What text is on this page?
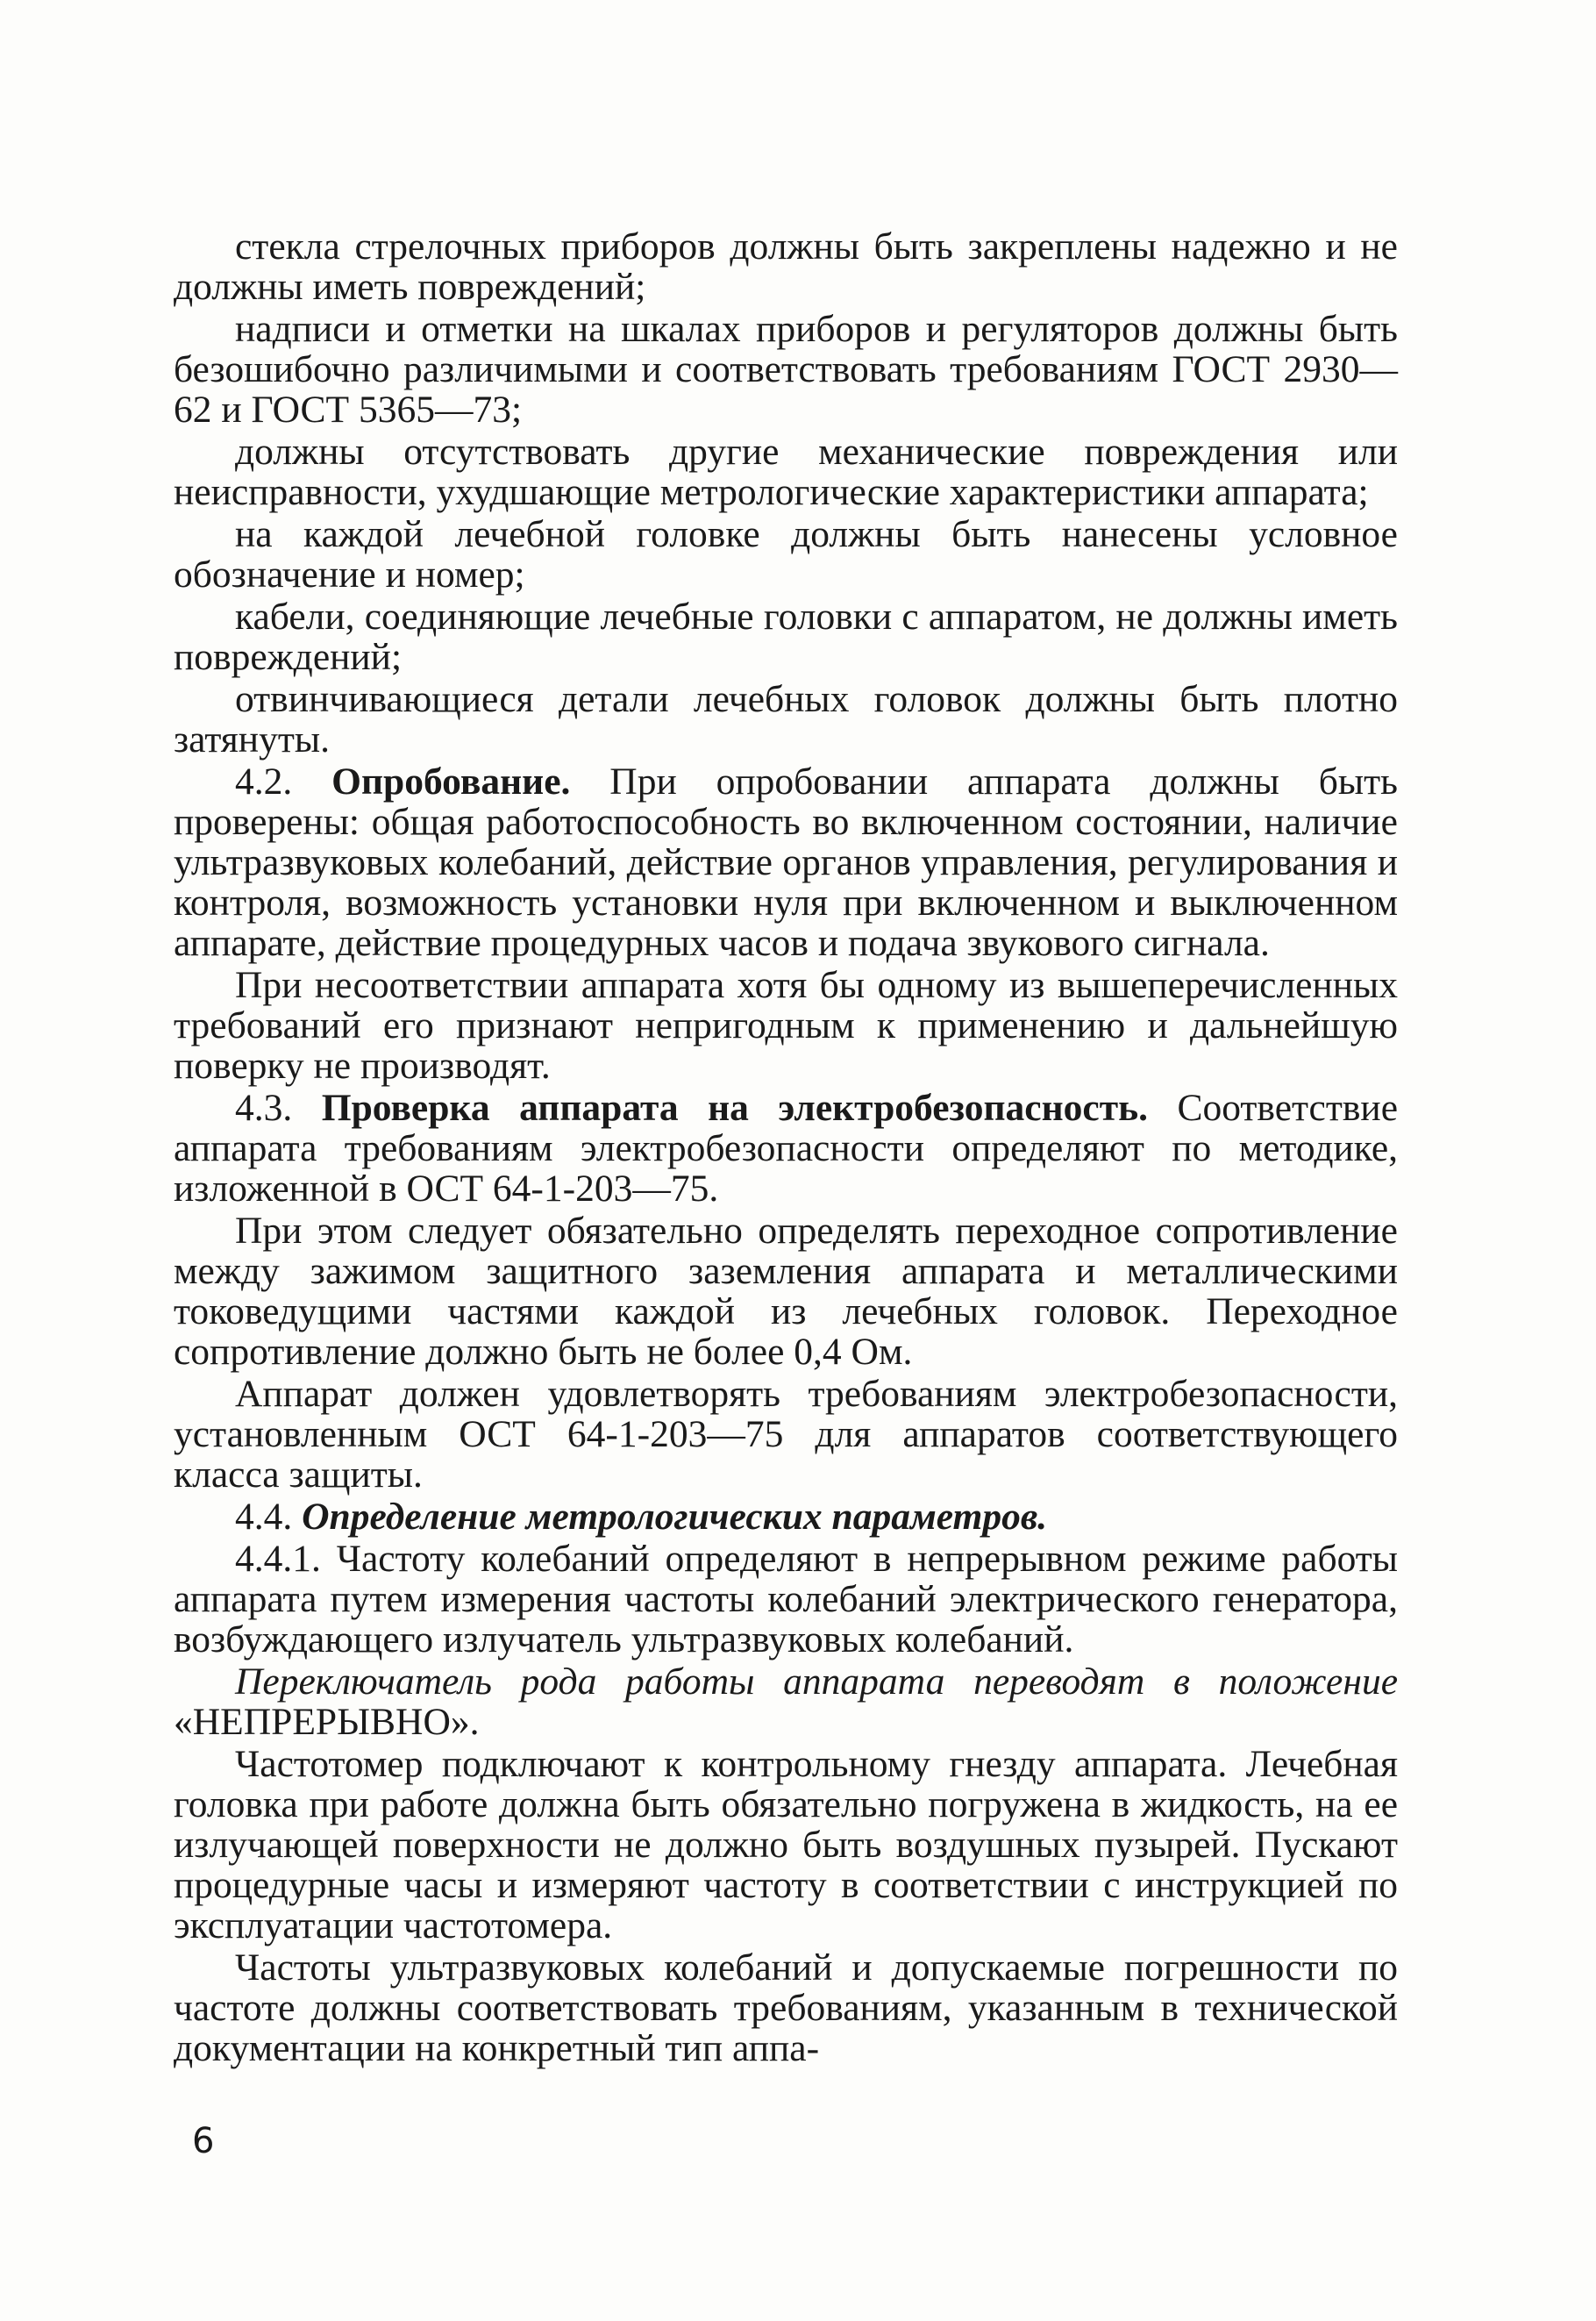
стекла стрелочных приборов должны быть закреплены надежно и не должны иметь повреждений;

надписи и отметки на шкалах приборов и регуляторов должны быть безошибочно различимыми и соответствовать требованиям ГОСТ 2930—62 и ГОСТ 5365—73;

должны отсутствовать другие механические повреждения или неисправности, ухудшающие метрологические характеристики аппарата;

на каждой лечебной головке должны быть нанесены условное обозначение и номер;

кабели, соединяющие лечебные головки с аппаратом, не должны иметь повреждений;

отвинчивающиеся детали лечебных головок должны быть плотно затянуты.

4.2. Опробование. При опробовании аппарата должны быть проверены: общая работоспособность во включенном состоянии, наличие ультразвуковых колебаний, действие органов управления, регулирования и контроля, возможность установки нуля при включенном и выключенном аппарате, действие процедурных часов и подача звукового сигнала.

При несоответствии аппарата хотя бы одному из вышеперечисленных требований его признают непригодным к применению и дальнейшую поверку не производят.

4.3. Проверка аппарата на электробезопасность. Соответствие аппарата требованиям электробезопасности определяют по методике, изложенной в ОСТ 64-1-203—75.

При этом следует обязательно определять переходное сопротивление между зажимом защитного заземления аппарата и металлическими токоведущими частями каждой из лечебных головок. Переходное сопротивление должно быть не более 0,4 Ом.

Аппарат должен удовлетворять требованиям электробезопасности, установленным ОСТ 64-1-203—75 для аппаратов соответствующего класса защиты.

4.4. Определение метрологических параметров.

4.4.1. Частоту колебаний определяют в непрерывном режиме работы аппарата путем измерения частоты колебаний электрического генератора, возбуждающего излучатель ультразвуковых колебаний.

Переключатель рода работы аппарата переводят в положение «НЕПРЕРЫВНО».

Частотомер подключают к контрольному гнезду аппарата. Лечебная головка при работе должна быть обязательно погружена в жидкость, на ее излучающей поверхности не должно быть воздушных пузырей. Пускают процедурные часы и измеряют частоту в соответствии с инструкцией по эксплуатации частотомера.

Частоты ультразвуковых колебаний и допускаемые погрешности по частоте должны соответствовать требованиям, указанным в технической документации на конкретный тип аппа-

6
